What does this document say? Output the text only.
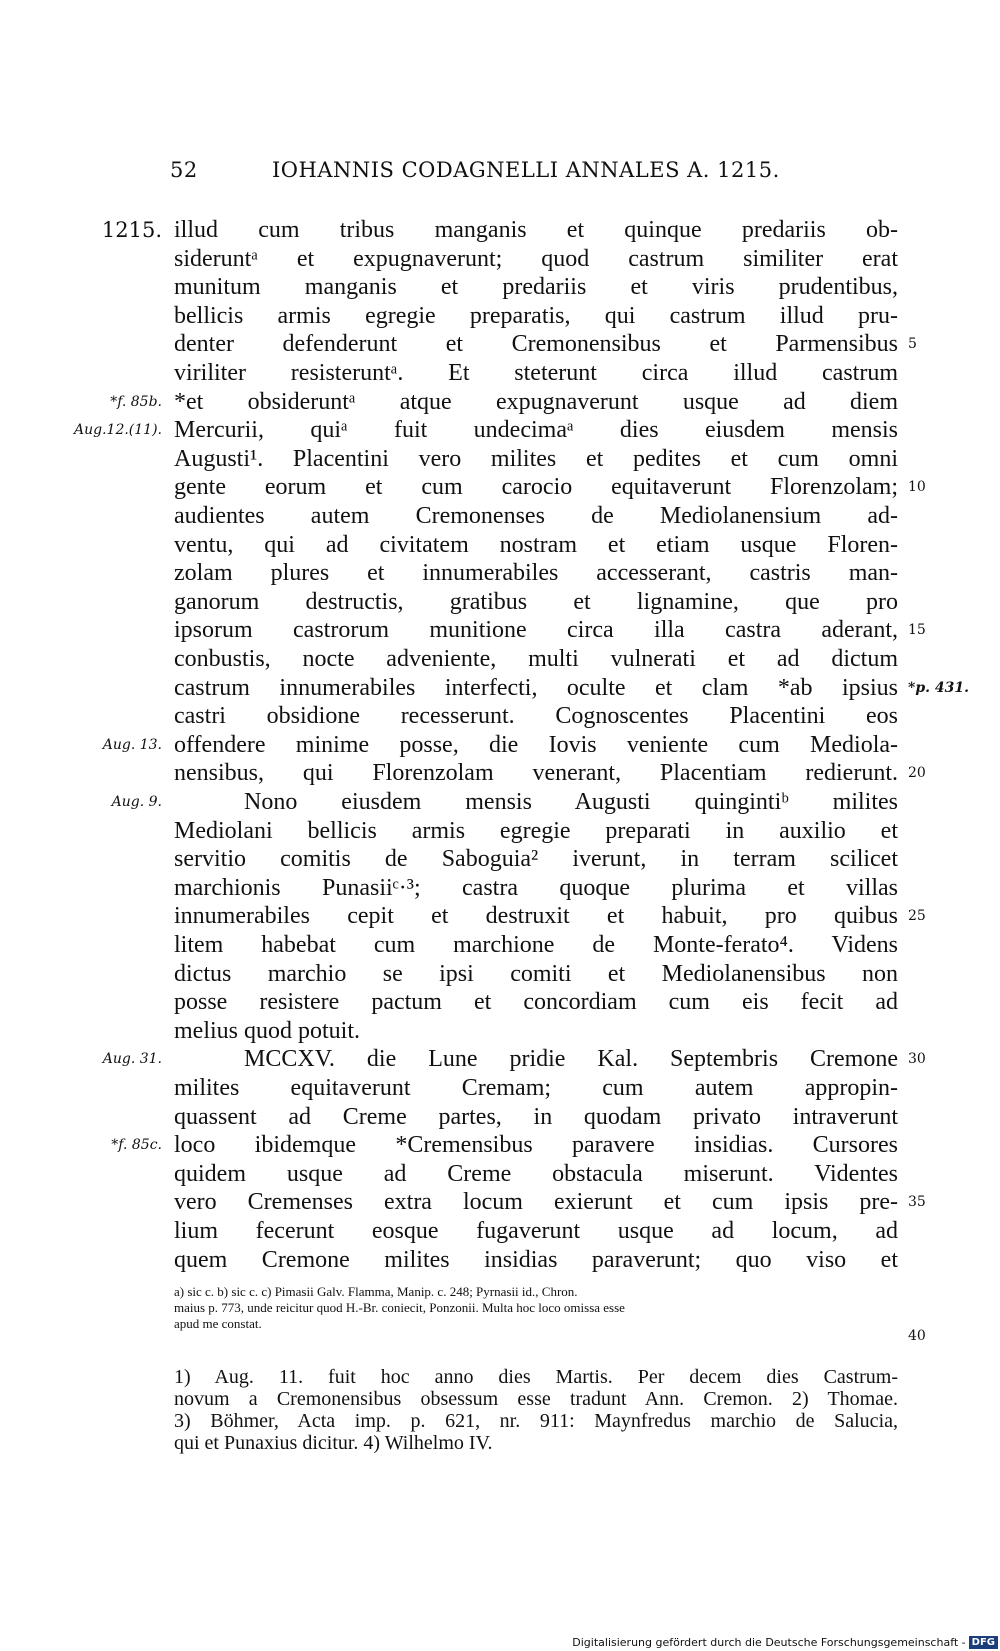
52	IOHANNIS CODAGNELLI ANNALES A. 1215.
illud cum tribus manganis et quinque predariis ob-
1215.
sideruntᵃ et expugnaverunt; quod castrum similiter erat
munitum manganis et predariis et viris prudentibus,
bellicis armis egregie preparatis, qui castrum illud pru-
denter defenderunt et Cremonensibus et Parmensibus 5
viriliter resisteruntᵃ. Et steterunt circa illud castrum
*et obsideruntᵃ atque expugnaverunt usque ad diem
*f. 85b.
Mercurii, quiᵃ fuit undecimaᵃ dies eiusdem mensis
Aug.12.(11).
Augusti¹. Placentini vero milites et pedites et cum omni
gente eorum et cum carocio equitaverunt Florenzolam; 10
audientes autem Cremonenses de Mediolanensium ad-
ventu, qui ad civitatem nostram et etiam usque Floren-
zolam plures et innumerabiles accesserant, castris man-
ganorum destructis, gratibus et lignamine, que pro
ipsorum castrorum munitione circa illa castra aderant, 15
conbustis, nocte adveniente, multi vulnerati et ad dictum
castrum innumerabiles interfecti, oculte et clam *ab ipsius *p. 431.
castri obsidione recesserunt. Cognoscentes Placentini eos
offendere minime posse, die Iovis veniente cum Mediola-
Aug. 13.
nensibus, qui Florenzolam venerant, Placentiam redierunt. 20
Nono eiusdem mensis Augusti quingintiᵇ milites
Aug. 9.
Mediolani bellicis armis egregie preparati in auxilio et
servitio comitis de Saboguia² iverunt, in terram scilicet
marchionis Punasiiᶜ·³; castra quoque plurima et villas
innumerabiles cepit et destruxit et habuit, pro quibus 25
litem habebat cum marchione de Monte-ferato⁴. Videns
dictus marchio se ipsi comiti et Mediolanensibus non
posse resistere pactum et concordiam cum eis fecit ad
melius quod potuit.
MCCXV. die Lune pridie Kal. Septembris Cremone
Aug. 31.	30
milites equitaverunt Cremam; cum autem appropin-
quassent ad Creme partes, in quodam privato intraverunt
loco ibidemque *Cremensibus paravere insidias. Cursores
*f. 85c.
quidem usque ad Creme obstacula miserunt. Videntes
vero Cremenses extra locum exierunt et cum ipsis pre- 35
lium fecerunt eosque fugaverunt usque ad locum, ad
quem Cremone milites insidias paraverunt; quo viso et
a) sic c. b) sic c. c) Pimasii Galv. Flamma, Manip. c. 248; Pyrnasii id., Chron.
maius p. 773, unde reicitur quod H.-Br. coniecit, Ponzonii. Multa hoc loco omissa esse
apud me constat.
40
1) Aug. 11. fuit hoc anno dies Martis. Per decem dies Castrum-
novum a Cremonensibus obsessum esse tradunt Ann. Cremon. 2) Thomae.
3) Böhmer, Acta imp. p. 621, nr. 911: Maynfredus marchio de Salucia,
qui et Punaxius dicitur. 4) Wilhelmo IV.
Digitalisierung gefördert durch die Deutsche Forschungsgemeinschaft - DFG
